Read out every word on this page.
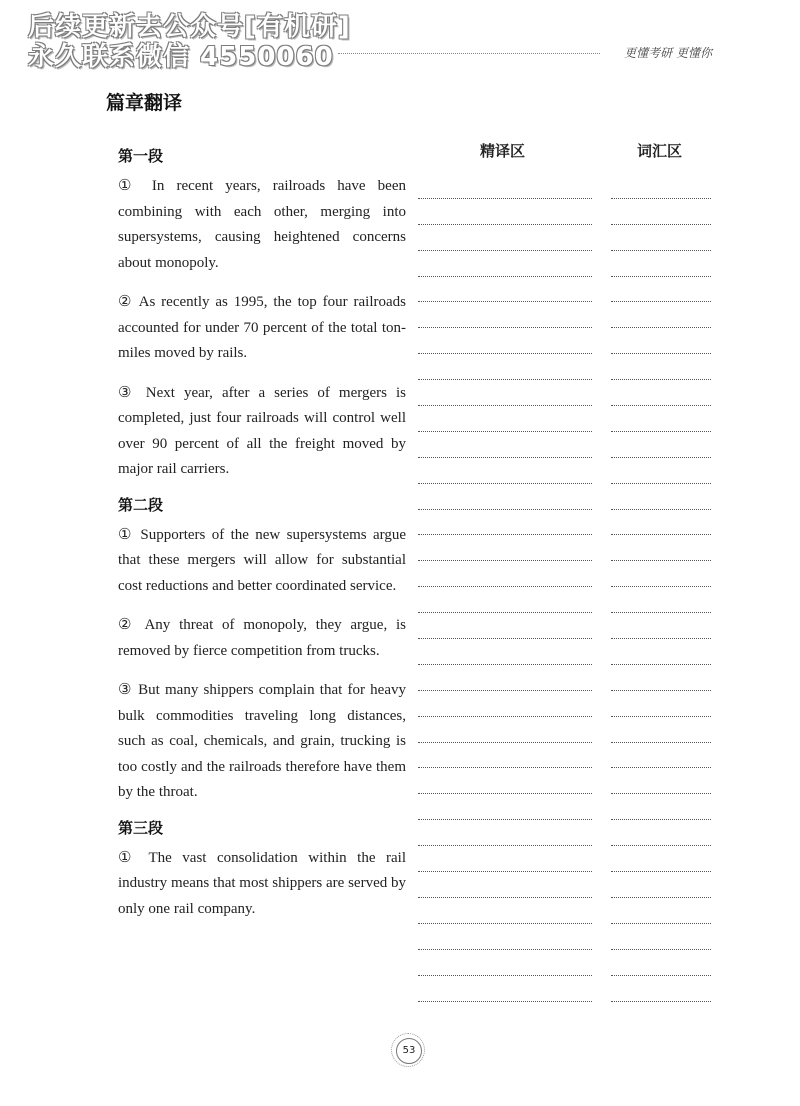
后续更新去公众号[有机研]
永久联系微信 4550060	更懂考研 更懂你
篇章翻译
精译区	词汇区
第一段

① In recent years, railroads have been combining with each other, merging into supersystems, causing heightened concerns about monopoly.

② As recently as 1995, the top four railroads accounted for under 70 percent of the total ton-miles moved by rails.

③ Next year, after a series of mergers is completed, just four railroads will control well over 90 percent of all the freight moved by major rail carriers.

第二段

① Supporters of the new supersystems argue that these mergers will allow for substantial cost reductions and better coordinated service.

② Any threat of monopoly, they argue, is removed by fierce competition from trucks.

③ But many shippers complain that for heavy bulk commodities traveling long distances, such as coal, chemicals, and grain, trucking is too costly and the railroads therefore have them by the throat.

第三段

① The vast consolidation within the rail industry means that most shippers are served by only one rail company.

53
